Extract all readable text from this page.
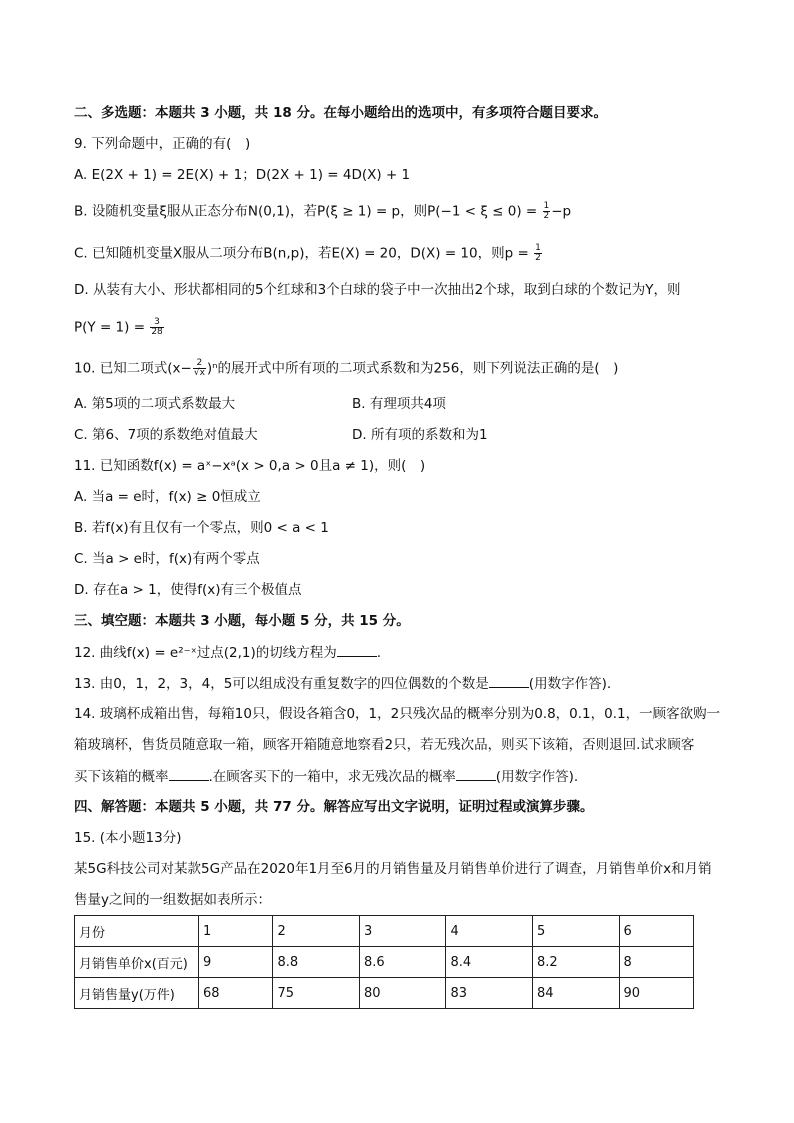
二、多选题：本题共 3 小题，共 18 分。在每小题给出的选项中，有多项符合题目要求。
9. 下列命题中，正确的有(　)
A. E(2X + 1) = 2E(X) + 1；D(2X + 1) = 4D(X) + 1
B. 设随机变量ξ服从正态分布N(0,1)，若P(ξ ≥ 1) = p，则$P(-1 < \xi \le 0) = \frac{1}{2} -p$
C. 已知随机变量X服从二项分布B(n,p)，若E(X) = 20，D(X) = 10，则$p = \frac{1}{2}$
D. 从装有大小、形状都相同的5个红球和3个白球的袋子中一次抽出2个球，取到白球的个数记为Y，则
$P(Y = 1) = \frac{3}{28}$
10. 已知二项式$(x- \frac{2}{√x} )^n$的展开式中所有项的二项式系数和为256，则下列说法正确的是(　)
A. 第5项的二项式系数最大	B. 有理项共4项
C. 第6、7项的系数绝对值最大	D. 所有项的系数和为1
11. 已知函数f(x) = aˣ−xᵃ(x > 0,a > 0且a ≠ 1)，则(　)
A. 当a = e时，f(x) ≥ 0恒成立
B. 若f(x)有且仅有一个零点，则0 < a < 1
C. 当a > e时，f(x)有两个零点
D. 存在a > 1，使得f(x)有三个极值点
三、填空题：本题共 3 小题，每小题 5 分，共 15 分。
12. 曲线f(x) = e²⁻ˣ过点(2,1)的切线方程为	.
13. 由0，1，2，3，4，5可以组成没有重复数字的四位偶数的个数是	(用数字作答).
14. 玻璃杯成箱出售，每箱10只，假设各箱含0，1，2只残次品的概率分别为0.8，0.1，0.1，一顾客欲购一
箱玻璃杯，售货员随意取一箱，顾客开箱随意地察看2只，若无残次品，则买下该箱，否则退回.试求顾客
买下该箱的概率	.在顾客买下的一箱中，求无残次品的概率	(用数字作答).
四、解答题：本题共 5 小题，共 77 分。解答应写出文字说明，证明过程或演算步骤。
15. (本小题13分)
某5G科技公司对某款5G产品在2020年1月至6月的月销售量及月销售单价进行了调查，月销售单价x和月销
售量y之间的一组数据如表所示：
月份	1	2	3	4	5	6
月销售单价x(百元)	9	8.8	8.6	8.4	8.2	8
月销售量y(万件)	68	75	80	83	84	90
